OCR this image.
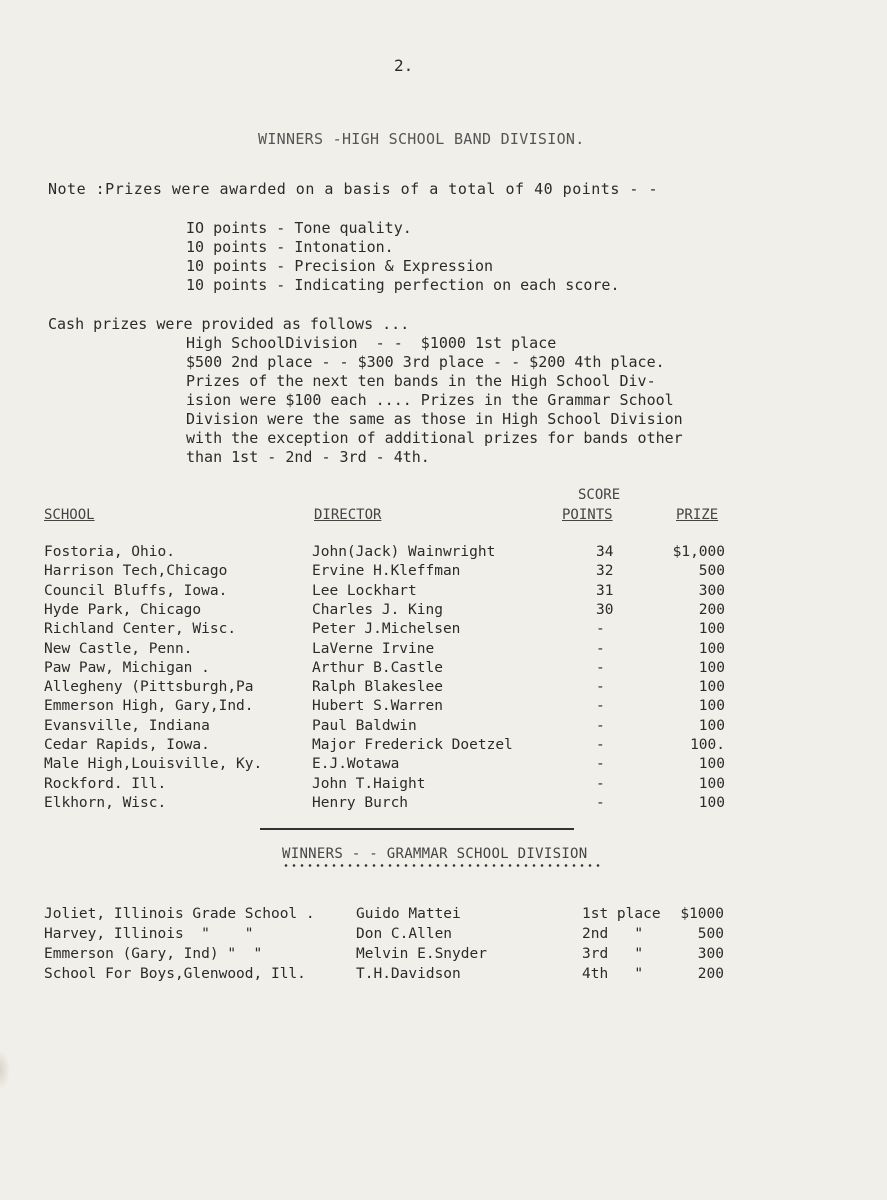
2.
WINNERS -HIGH SCHOOL BAND DIVISION.
Note :Prizes were awarded on a basis of a total of 40 points - -
IO points - Tone quality.
10 points - Intonation.
10 points - Precision & Expression
10 points - Indicating perfection on each score.
Cash prizes were provided as follows ...
High SchoolDivision  - -  $1000 1st place
$500 2nd place - - $300 3rd place - - $200 4th place.
Prizes of the next ten bands in the High School Div-
ision were $100 each .... Prizes in the Grammar School
Division were the same as those in High School Division
with the exception of additional prizes for bands other
than 1st - 2nd - 3rd - 4th.
SCORE
SCHOOL	DIRECTOR	POINTS	PRIZE
Fostoria, Ohio.	John(Jack) Wainwright	34	$1,000
Harrison Tech,Chicago	Ervine H.Kleffman	32	500
Council Bluffs, Iowa.	Lee Lockhart	31	300
Hyde Park, Chicago	Charles J. King	30	200
Richland Center, Wisc.	Peter J.Michelsen	-	100
New Castle, Penn.	LaVerne Irvine	-	100
Paw Paw, Michigan .	Arthur B.Castle	-	100
Allegheny (Pittsburgh,Pa	Ralph Blakeslee	-	100
Emmerson High, Gary,Ind.	Hubert S.Warren	-	100
Evansville, Indiana	Paul Baldwin	-	100
Cedar Rapids, Iowa.	Major Frederick Doetzel	-	100.
Male High,Louisville, Ky.	E.J.Wotawa	-	100
Rockford. Ill.	John T.Haight	-	100
Elkhorn, Wisc.	Henry Burch	-	100
WINNERS - - GRAMMAR SCHOOL DIVISION
Joliet, Illinois Grade School .	Guido Mattei	1st place $1000
Harvey, Illinois  "    "	Don C.Allen	2nd   "	500
Emmerson (Gary, Ind) "  "	Melvin E.Snyder	3rd   "	300
School For Boys,Glenwood, Ill.	T.H.Davidson	4th   "	200
